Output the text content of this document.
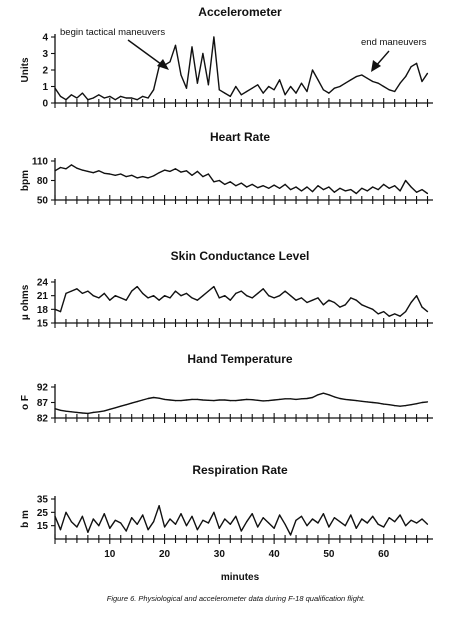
Accelerometer
Units
0
1
2
3
4
Heart Rate
bpm
50
80
110
Skin Conductance Level
μ ohms
15
18
21
24
Hand Temperature
o F
82
87
92
Respiration Rate
b m 15
25
35
begin tactical maneuvers
end maneuvers
10	20	30	40	50	60
minutes
Figure 6. Physiological and accelerometer data during F-18 qualification flight.
